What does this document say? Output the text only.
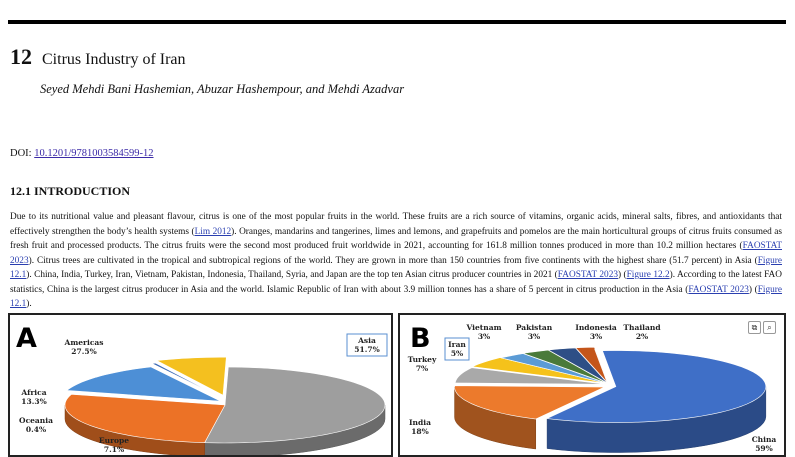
12 Citrus Industry of Iran
Seyed Mehdi Bani Hashemian, Abuzar Hashempour, and Mehdi Azadvar
DOI: 10.1201/9781003584599-12
12.1 INTRODUCTION
Due to its nutritional value and pleasant flavour, citrus is one of the most popular fruits in the world. These fruits are a rich source of vitamins, organic acids, mineral salts, fibres, and antioxidants that effectively strengthen the body’s health systems (Lim 2012). Oranges, mandarins and tangerines, limes and lemons, and grapefruits and pomelos are the main horticultural groups of citrus fruits consumed as fresh fruit and processed products. The citrus fruits were the second most produced fruit worldwide in 2021, accounting for 161.8 million tonnes produced in more than 10.2 million hectares (FAOSTAT 2023). Citrus trees are cultivated in the tropical and subtropical regions of the world. They are grown in more than 150 countries from five continents with the highest share (51.7 percent) in Asia (Figure 12.1). China, India, Turkey, Iran, Vietnam, Pakistan, Indonesia, Thailand, Syria, and Japan are the top ten Asian citrus producer countries in 2021 (FAOSTAT 2023) (Figure 12.2). According to the latest FAO statistics, China is the largest citrus producer in Asia and the world. Islamic Republic of Iran with about 3.9 million tonnes has a share of 5 percent in citrus production in the Asia (FAOSTAT 2023) (Figure 12.1).
Asia
51.7%
Americas
27.5%
Africa
13.3%
Oceania
0.4%
Europe
7.1%
A
China
59%
India
18%
Turkey
7%
Iran
5%
Vietnam
3%
Pakistan
3%
Indonesia
3%
Thailand
2%
B	⧉	⌕
